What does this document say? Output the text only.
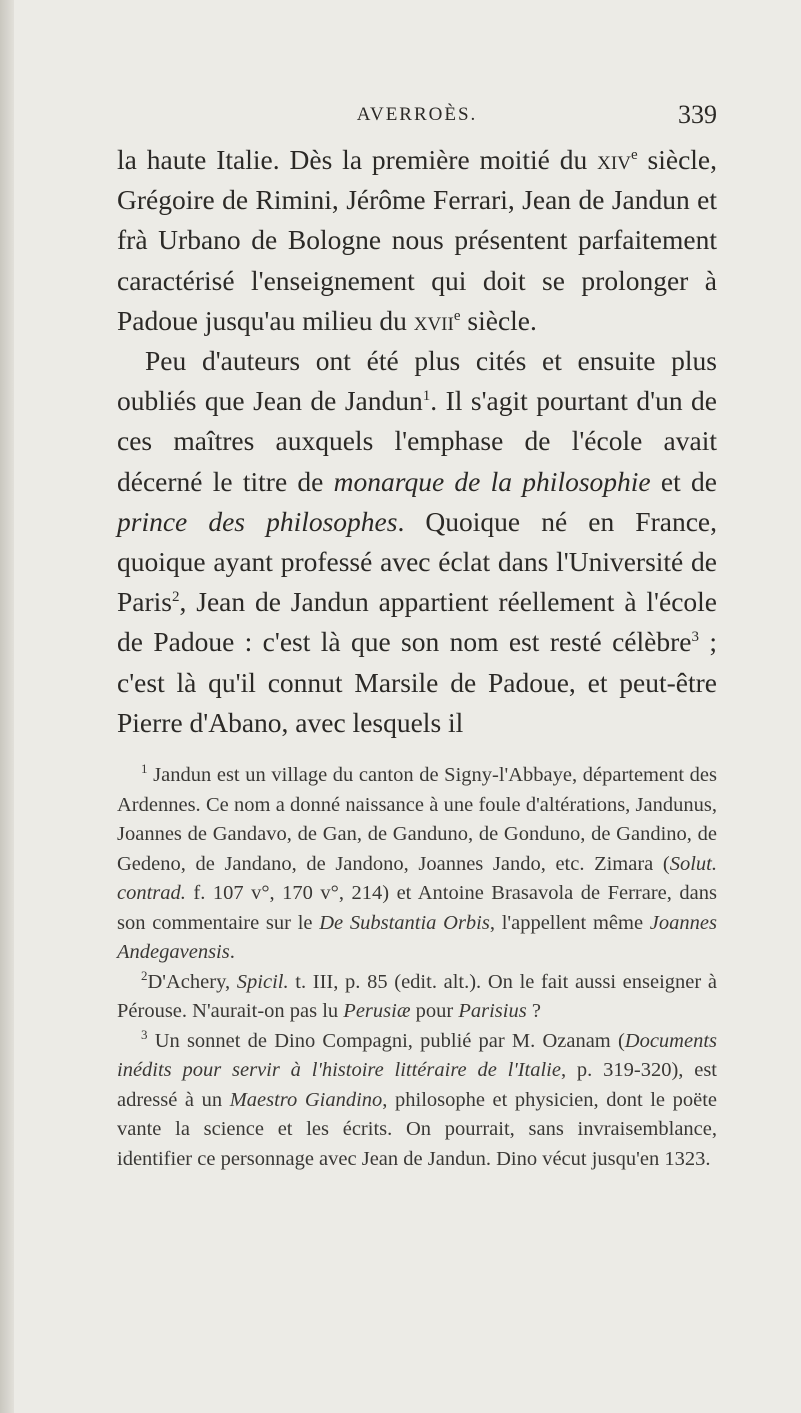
AVERROÈS.	339

la haute Italie. Dès la première moitié du xiv$^e$ siècle, Grégoire de Rimini, Jérôme Ferrari, Jean de Jandun et frà Urbano de Bologne nous présentent parfaitement caractérisé l'enseignement qui doit se prolonger à Padoue jusqu'au milieu du xvii$^e$ siècle.

Peu d'auteurs ont été plus cités et ensuite plus oubliés que Jean de Jandun$^1$. Il s'agit pourtant d'un de ces maîtres auxquels l'emphase de l'école avait décerné le titre de monarque de la philosophie et de prince des philosophes. Quoique né en France, quoique ayant professé avec éclat dans l'Université de Paris$^2$, Jean de Jandun appartient réellement à l'école de Padoue : c'est là que son nom est resté célèbre$^3$ ; c'est là qu'il connut Marsile de Padoue, et peut-être Pierre d'Abano, avec lesquels il

$^1$ Jandun est un village du canton de Signy-l'Abbaye, département des Ardennes. Ce nom a donné naissance à une foule d'altérations, Jandunus, Joannes de Gandavo, de Gan, de Ganduno, de Gonduno, de Gandino, de Gedeno, de Jandano, de Jandono, Joannes Jando, etc. Zimara (Solut. contrad. f. 107 v°, 170 v°, 214) et Antoine Brasavola de Ferrare, dans son commentaire sur le De Substantia Orbis, l'appellent même Joannes Andegavensis.

$^2$D'Achery, Spicil. t. III, p. 85 (edit. alt.). On le fait aussi enseigner à Pérouse. N'aurait-on pas lu Perusiæ pour Parisius ?

$^3$ Un sonnet de Dino Compagni, publié par M. Ozanam (Documents inédits pour servir à l'histoire littéraire de l'Italie, p. 319-320), est adressé à un Maestro Giandino, philosophe et physicien, dont le poëte vante la science et les écrits. On pourrait, sans invraisemblance, identifier ce personnage avec Jean de Jandun. Dino vécut jusqu'en 1323.
